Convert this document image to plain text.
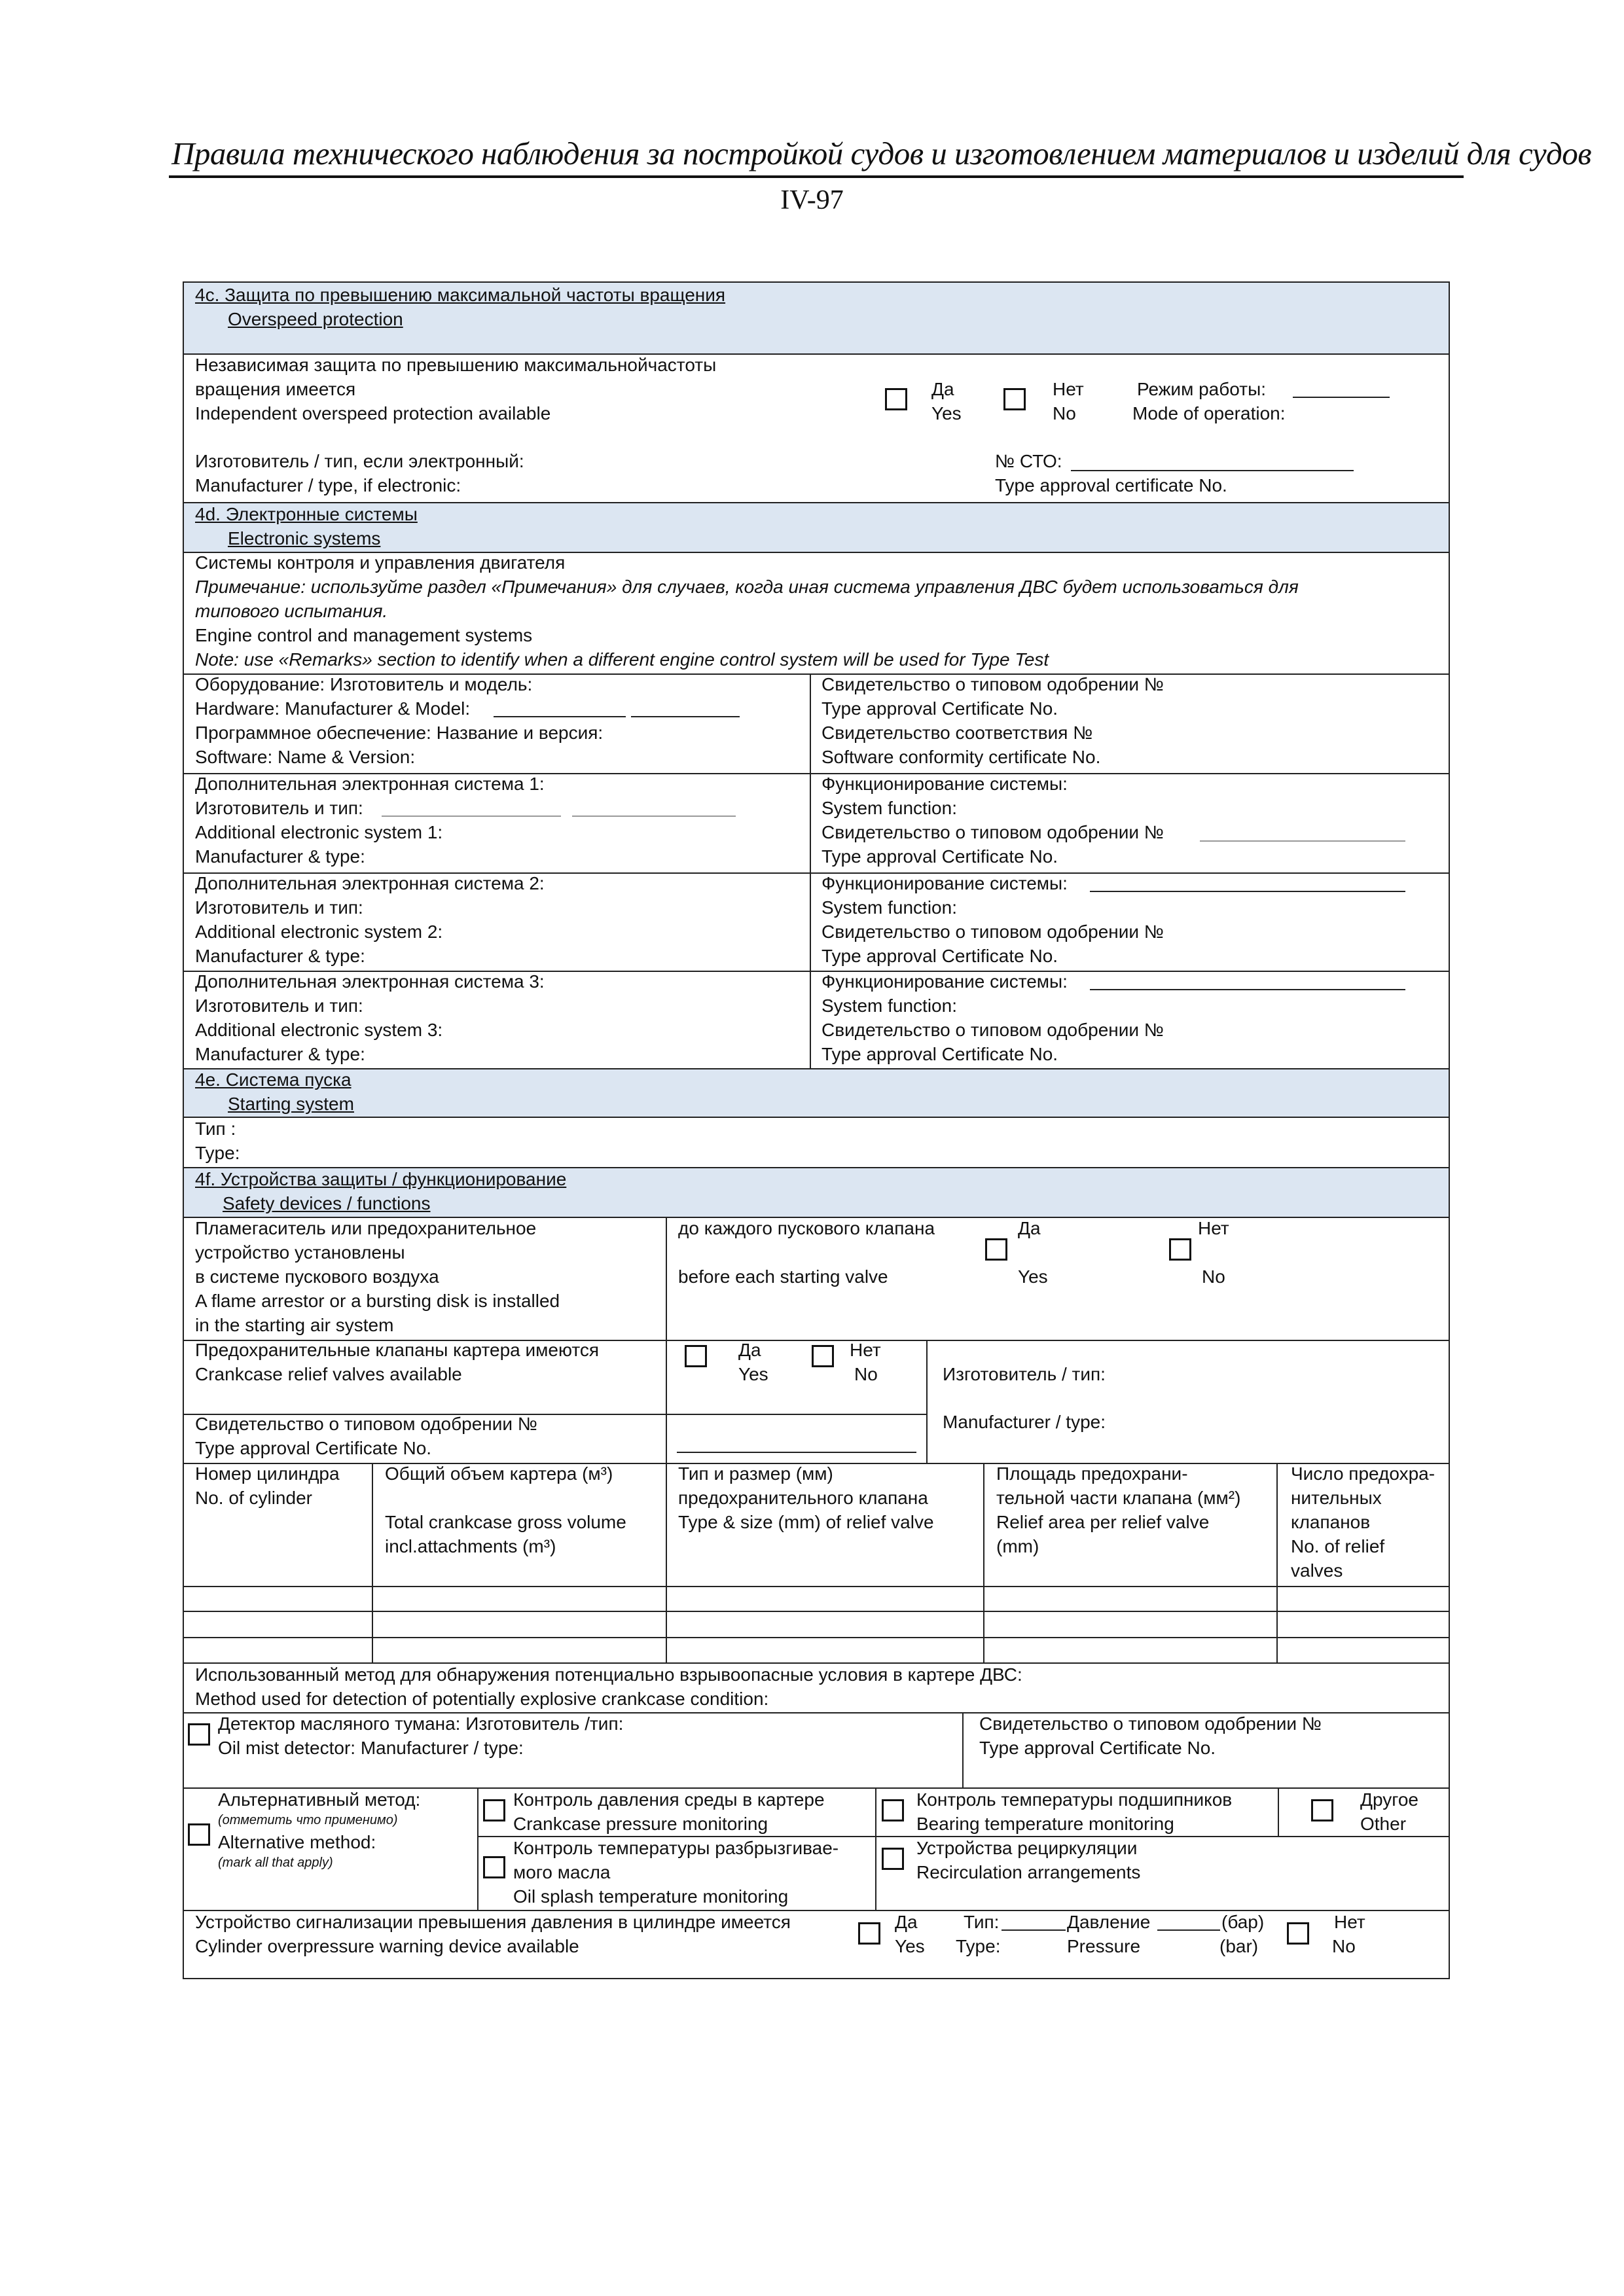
Правила технического наблюдения за постройкой судов и изготовлением материалов и изделий для судов
IV-97
4c. Защита по превышению максимальной частоты вращения
Overspeed protection
Независимая защита по превышению максимальнойчастоты
вращения имеется
Independent overspeed protection available
Да
Yes
Нет
No
Режим работы:
Mode of operation:
Изготовитель / тип, если электронный:
Manufacturer / type, if electronic:
№ СТО:
Type approval certificate No.
4d. Электронные системы
Electronic systems
Системы контроля и управления двигателя
Примечание: используйте раздел «Примечания» для случаев, когда иная система управления ДВС будет использоваться для
типового испытания.
Engine control and management systems
Note: use «Remarks» section to identify when a different engine control system will be used for Type Test
Оборудование: Изготовитель и модель:
Hardware: Manufacturer & Model:
Программное обеспечение: Название и версия:
Software: Name & Version:
Свидетельство о типовом одобрении №
Type approval Certificate No.
Свидетельство соответствия №
Software conformity certificate No.
Дополнительная электронная система 1:
Изготовитель и тип:
Additional electronic system 1:
Manufacturer & type:
Функционирование системы:
System function:
Свидетельство о типовом одобрении №
Type approval Certificate No.
Дополнительная электронная система 2:
Изготовитель и тип:
Additional electronic system 2:
Manufacturer & type:
Функционирование системы:
System function:
Свидетельство о типовом одобрении №
Type approval Certificate No.
Дополнительная электронная система 3:
Изготовитель и тип:
Additional electronic system 3:
Manufacturer & type:
Функционирование системы:
System function:
Свидетельство о типовом одобрении №
Type approval Certificate No.
4e. Система пуска
Starting system
Тип :
Type:
4f. Устройства защиты / функционирование
Safety devices / functions
Пламегаситель или предохранительное
устройство установлены
в системе пускового воздуха
A flame arrestor or a bursting disk is installed
in the starting air system
до каждого пускового клапана
before each starting valve
Да
Yes
Нет
No
Предохранительные клапаны картера имеются
Crankcase relief valves available
Да
Yes
Нет
No	Изготовитель / тип:
Manufacturer / type:
Свидетельство о типовом одобрении №
Type approval Certificate No.
Номер цилиндра
No. of cylinder
Общий объем картера (м³)
Total crankcase gross volume
incl.attachments (m³)
Тип и размер (мм)
предохранительного клапана
Type & size (mm) of relief valve
Площадь предохрани-
тельной части клапана (мм²)
Relief area per relief valve
(mm)
Число предохра-
нительных
клапанов
No. of relief
valves
Использованный метод для обнаружения потенциально взрывоопасные условия в картере ДВС:
Method used for detection of potentially explosive crankcase condition:
Детектор масляного тумана: Изготовитель /тип:
Oil mist detector: Manufacturer / type:
Свидетельство о типовом одобрении №
Type approval Certificate No.
Альтернативный метод:
(отметить что применимо)
Alternative method:
(mark all that apply)
Контроль давления среды в картере
Crankcase pressure monitoring
Контроль температуры подшипников
Bearing temperature monitoring
Другое
Other
Контроль температуры разбрызгивае-
мого масла
Oil splash temperature monitoring
Устройства рециркуляции
Recirculation arrangements
Устройство сигнализации превышения давления в цилиндре имеется
Cylinder overpressure warning device available
Да
Yes
Тип:
Type:
Давление
Pressure
(бар)
(bar)
Нет
No
